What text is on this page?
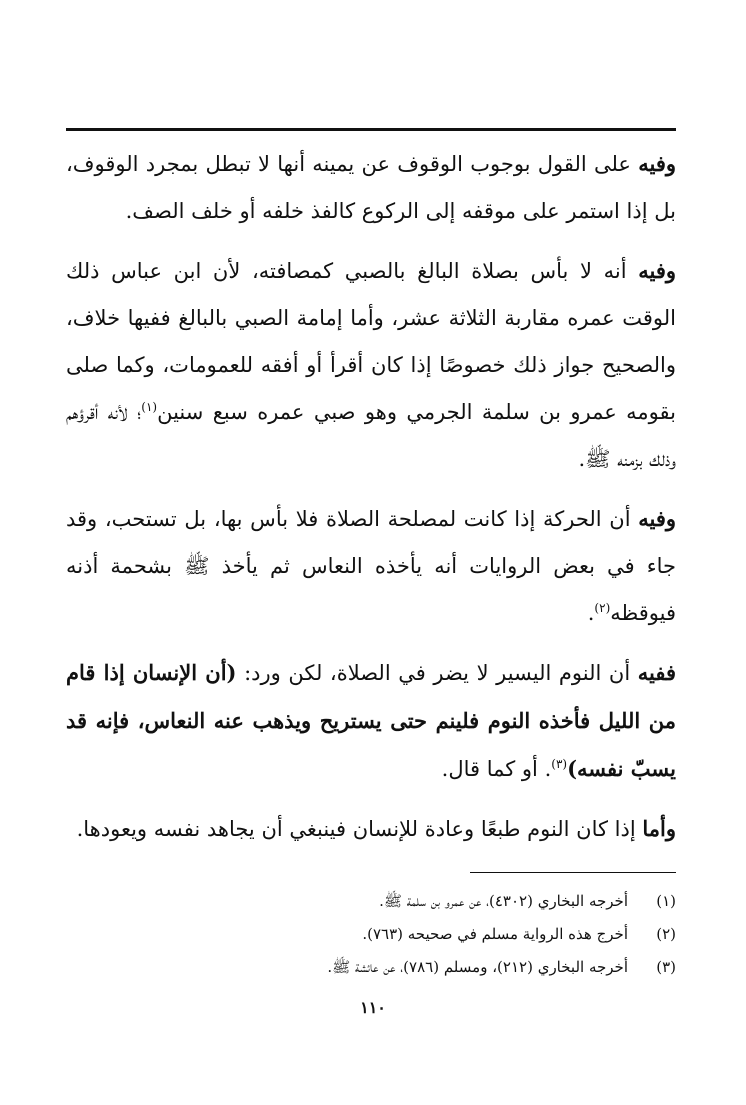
وفيه على القول بوجوب الوقوف عن يمينه أنها لا تبطل بمجرد الوقوف، بل إذا استمر على موقفه إلى الركوع كالفذ خلفه أو خلف الصف.

وفيه أنه لا بأس بصلاة البالغ بالصبي كمصافته، لأن ابن عباس ذلك الوقت عمره مقاربة الثلاثة عشر، وأما إمامة الصبي بالبالغ ففيها خلاف، والصحيح جواز ذلك خصوصًا إذا كان أقرأ أو أفقه للعمومات، وكما صلى بقومه عمرو بن سلمة الجرمي وهو صبي عمره سبع سنين$^{(١)}$؛ لأنه أقرؤهم وذلك بزمنه ﷺ.

وفيه أن الحركة إذا كانت لمصلحة الصلاة فلا بأس بها، بل تستحب، وقد جاء في بعض الروايات أنه يأخذه النعاس ثم يأخذ ﷺ بشحمة أذنه فيوقظه$^{(٢)}$.

ففيه أن النوم اليسير لا يضر في الصلاة، لكن ورد: (أن الإنسان إذا قام من الليل فأخذه النوم فلينم حتى يستريح ويذهب عنه النعاس، فإنه قد يسبّ نفسه)$^{(٣)}$. أو كما قال.

وأما إذا كان النوم طبعًا وعادة للإنسان فينبغي أن يجاهد نفسه ويعودها.

(١)
أخرجه البخاري (٤٣٠٢)، عن عمرو بن سلمة ﷺ.
(٢)
أخرج هذه الرواية مسلم في صحيحه (٧٦٣).
(٣)
أخرجه البخاري (٢١٢)، ومسلم (٧٨٦)، عن عائشة ﷺ.
١١٠
